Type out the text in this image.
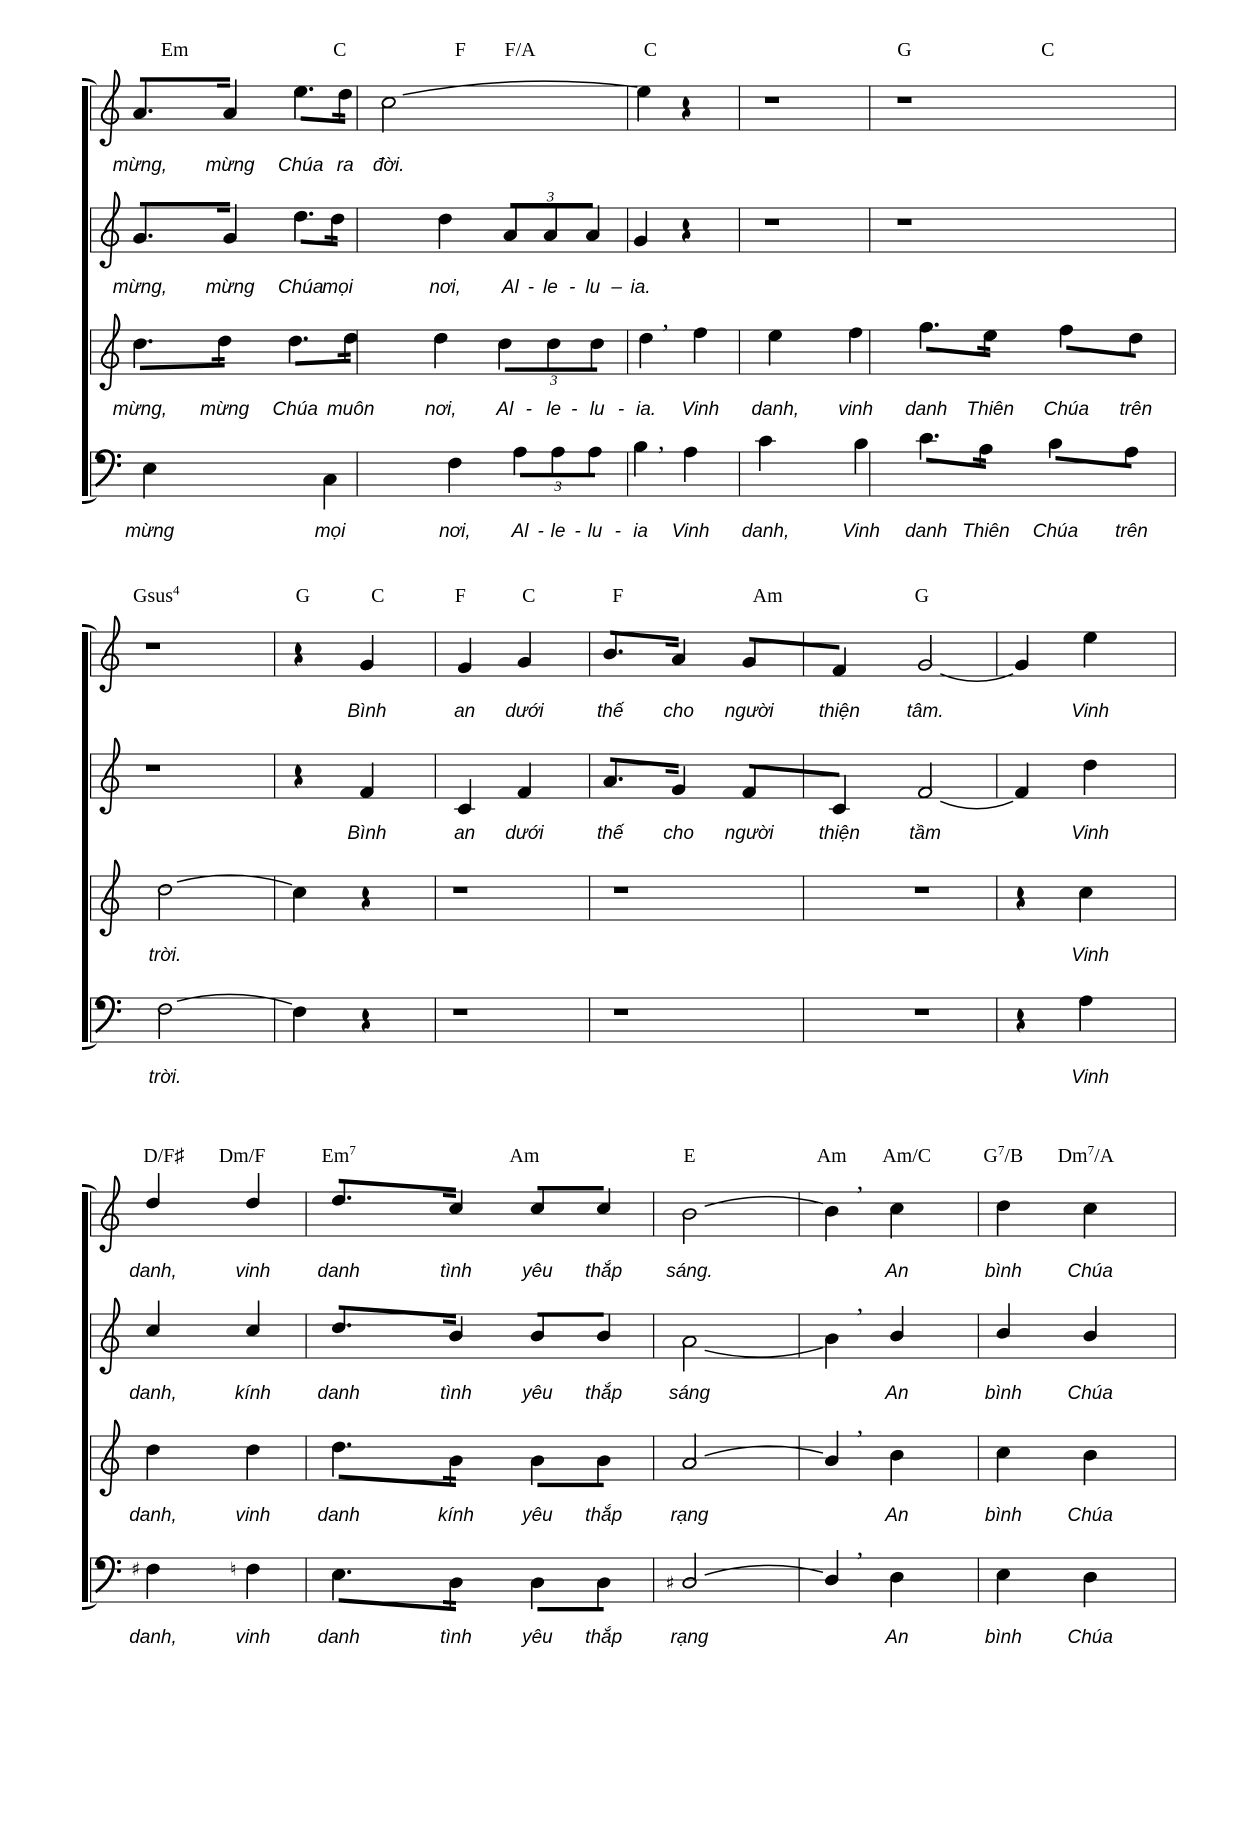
Em	C	F F/A	C	G	C
mừng, mừng Chúa ra đời.
3
mừng, mừng Chúa
mọi	nơi, Al - le - lu – ia.
3
,
mừng, mừng Chúa muôn	nơi, Al - le - lu - ia. Vinh danh, vinh danh Thiên Chúa trên
3
,
mừng	mọi	nơi, Al - le - lu - ia Vinh danh,	Vinh danh Thiên Chúa trên
Gsus$^4$	G	C	F	C	F	Am	G
Bình	an dưới	thế cho người thiện tâm.	Vinh
Bình	an dưới	thế cho người thiện	tầm	Vinh
trời.	Vinh
trời.	Vinh
D/F♯ Dm/F	Em$^7$	Am	E	Am Am/C	$G^7/B$ Dm$^7$/A
,
danh,	vinh danh	tình	yêu thắp sáng.	An	bình Chúa
,
danh,	kính danh	tình	yêu thắp sáng	An	bình Chúa
,
danh,	vinh danh	kính	yêu thắp	rạng	An	bình Chúa
,
♯	♮
♯
danh,	vinh danh	tình	yêu thắp	rạng	An	bình Chúa
